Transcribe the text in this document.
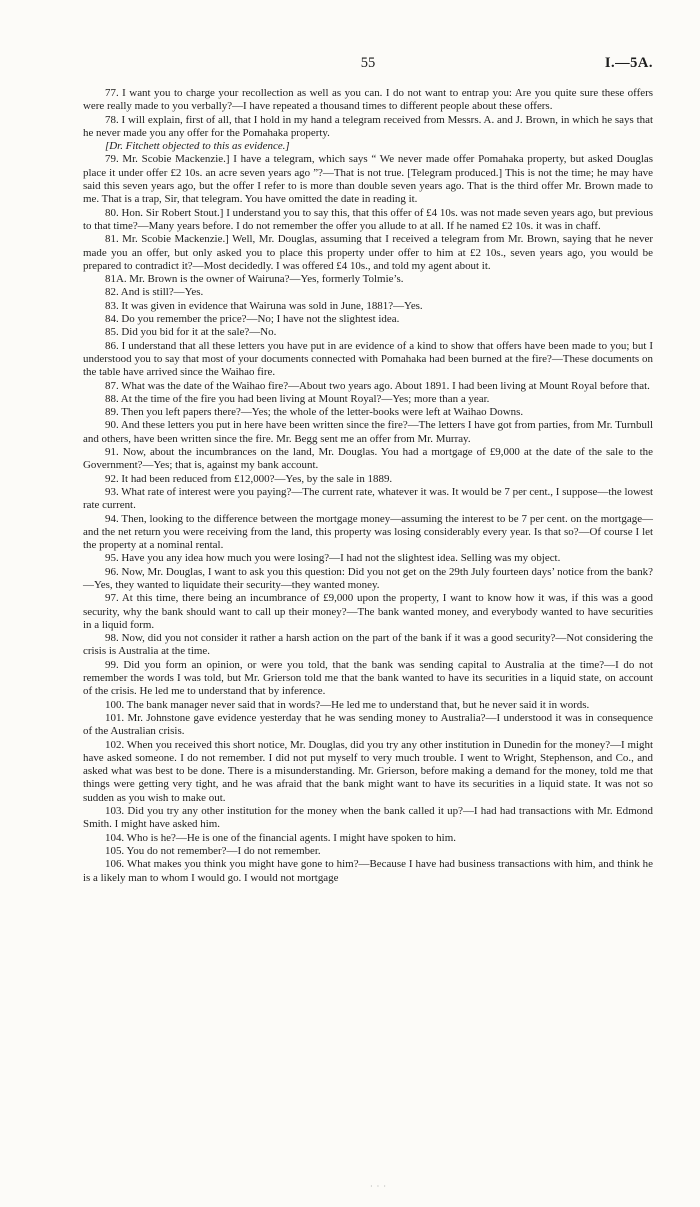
55	I.—5A.

77. I want you to charge your recollection as well as you can. I do not want to entrap you: Are you quite sure these offers were really made to you verbally?—I have repeated a thousand times to different people about these offers.

78. I will explain, first of all, that I hold in my hand a telegram received from Messrs. A. and J. Brown, in which he says that he never made you any offer for the Pomahaka property.

[Dr. Fitchett objected to this as evidence.]

79. Mr. Scobie Mackenzie.] I have a telegram, which says “ We never made offer Pomahaka property, but asked Douglas place it under offer £2 10s. an acre seven years ago ”?—That is not true. [Telegram produced.] This is not the time; he may have said this seven years ago, but the offer I refer to is more than double seven years ago. That is the third offer Mr. Brown made to me. That is a trap, Sir, that telegram. You have omitted the date in reading it.

80. Hon. Sir Robert Stout.] I understand you to say this, that this offer of £4 10s. was not made seven years ago, but previous to that time?—Many years before. I do not remember the offer you allude to at all. If he named £2 10s. it was in chaff.

81. Mr. Scobie Mackenzie.] Well, Mr. Douglas, assuming that I received a telegram from Mr. Brown, saying that he never made you an offer, but only asked you to place this property under offer to him at £2 10s., seven years ago, you would be prepared to contradict it?—Most decidedly. I was offered £4 10s., and told my agent about it.

81A. Mr. Brown is the owner of Wairuna?—Yes, formerly Tolmie’s.

82. And is still?—Yes.

83. It was given in evidence that Wairuna was sold in June, 1881?—Yes.

84. Do you remember the price?—No; I have not the slightest idea.

85. Did you bid for it at the sale?—No.

86. I understand that all these letters you have put in are evidence of a kind to show that offers have been made to you; but I understood you to say that most of your documents connected with Pomahaka had been burned at the fire?—These documents on the table have arrived since the Waihao fire.

87. What was the date of the Waihao fire?—About two years ago. About 1891. I had been living at Mount Royal before that.

88. At the time of the fire you had been living at Mount Royal?—Yes; more than a year.

89. Then you left papers there?—Yes; the whole of the letter-books were left at Waihao Downs.

90. And these letters you put in here have been written since the fire?—The letters I have got from parties, from Mr. Turnbull and others, have been written since the fire. Mr. Begg sent me an offer from Mr. Murray.

91. Now, about the incumbrances on the land, Mr. Douglas. You had a mortgage of £9,000 at the date of the sale to the Government?—Yes; that is, against my bank account.

92. It had been reduced from £12,000?—Yes, by the sale in 1889.

93. What rate of interest were you paying?—The current rate, whatever it was. It would be 7 per cent., I suppose—the lowest rate current.

94. Then, looking to the difference between the mortgage money—assuming the interest to be 7 per cent. on the mortgage—and the net return you were receiving from the land, this property was losing considerably every year. Is that so?—Of course I let the property at a nominal rental.

95. Have you any idea how much you were losing?—I had not the slightest idea. Selling was my object.

96. Now, Mr. Douglas, I want to ask you this question: Did you not get on the 29th July fourteen days’ notice from the bank?—Yes, they wanted to liquidate their security—they wanted money.

97. At this time, there being an incumbrance of £9,000 upon the property, I want to know how it was, if this was a good security, why the bank should want to call up their money?—The bank wanted money, and everybody wanted to have securities in a liquid form.

98. Now, did you not consider it rather a harsh action on the part of the bank if it was a good security?—Not considering the crisis is Australia at the time.

99. Did you form an opinion, or were you told, that the bank was sending capital to Australia at the time?—I do not remember the words I was told, but Mr. Grierson told me that the bank wanted to have its securities in a liquid state, on account of the crisis. He led me to understand that by inference.

100. The bank manager never said that in words?—He led me to understand that, but he never said it in words.

101. Mr. Johnstone gave evidence yesterday that he was sending money to Australia?—I understood it was in consequence of the Australian crisis.

102. When you received this short notice, Mr. Douglas, did you try any other institution in Dunedin for the money?—I might have asked someone. I do not remember. I did not put myself to very much trouble. I went to Wright, Stephenson, and Co., and asked what was best to be done. There is a misunderstanding. Mr. Grierson, before making a demand for the money, told me that things were getting very tight, and he was afraid that the bank might want to have its securities in a liquid state. It was not so sudden as you wish to make out.

103. Did you try any other institution for the money when the bank called it up?—I had had transactions with Mr. Edmond Smith. I might have asked him.

104. Who is he?—He is one of the financial agents. I might have spoken to him.

105. You do not remember?—I do not remember.

106. What makes you think you might have gone to him?—Because I have had business transactions with him, and think he is a likely man to whom I would go. I would not mortgage

· · ·
